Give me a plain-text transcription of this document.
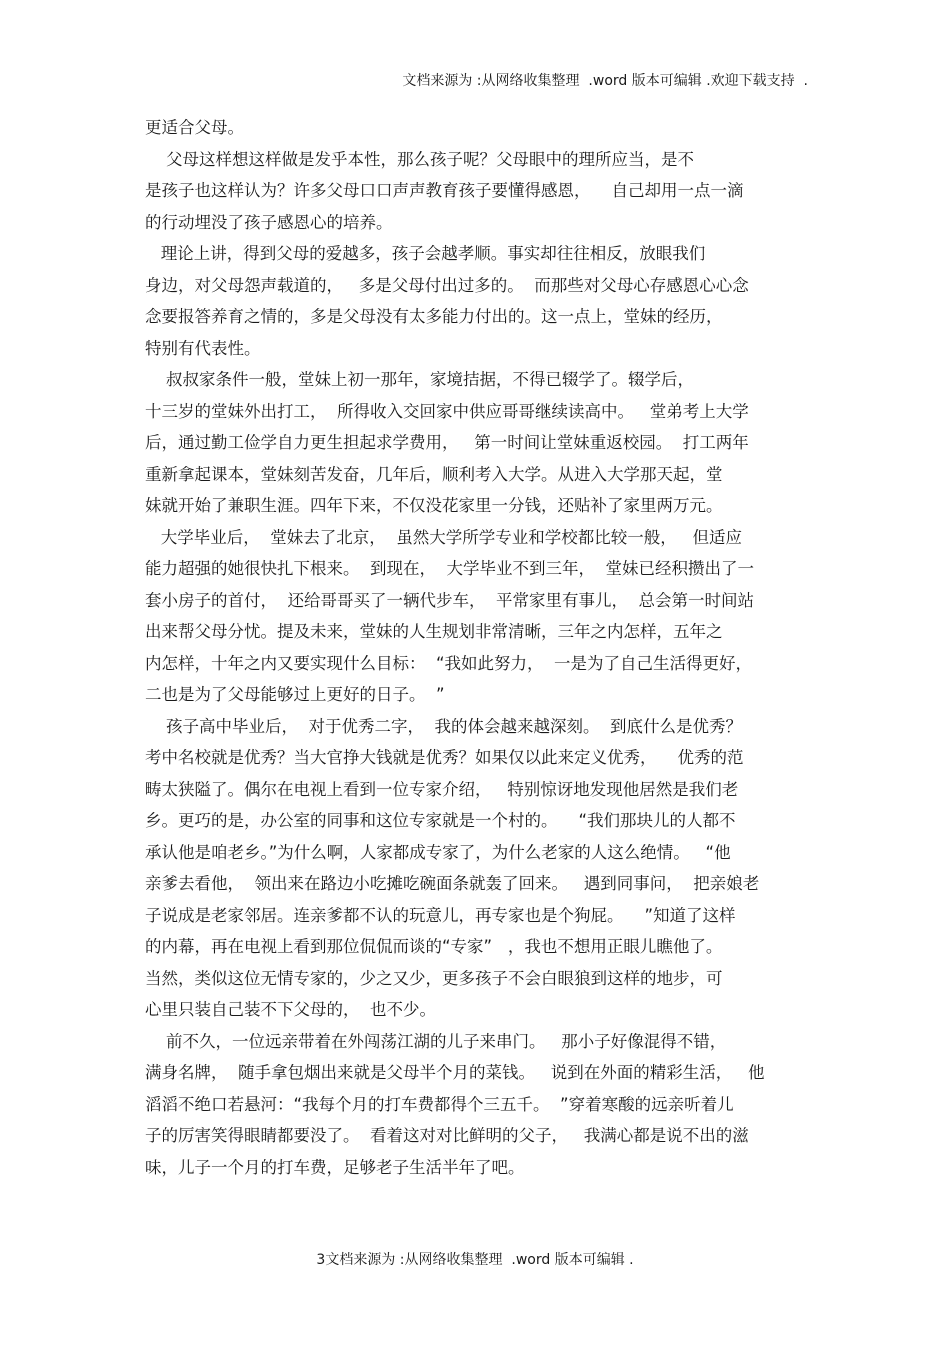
文档来源为 :从网络收集整理  .word 版本可编辑 .欢迎下载支持  .
更适合父母。
父母这样想这样做是发乎本性，那么孩子呢？父母眼中的理所应当，是不
是孩子也这样认为？许多父母口口声声教育孩子要懂得感恩，    自己却用一点一滴
的行动埋没了孩子感恩心的培养。
理论上讲，得到父母的爱越多，孩子会越孝顺。事实却往往相反，放眼我们
身边，对父母怨声载道的，   多是父母付出过多的。  而那些对父母心存感恩心心念
念要报答养育之情的，多是父母没有太多能力付出的。这一点上，堂妹的经历，
特别有代表性。
叔叔家条件一般，堂妹上初一那年，家境拮据，不得已辍学了。辍学后，
十三岁的堂妹外出打工，  所得收入交回家中供应哥哥继续读高中。   堂弟考上大学
后，通过勤工俭学自力更生担起求学费用，   第一时间让堂妹重返校园。  打工两年
重新拿起课本，堂妹刻苦发奋，几年后，顺利考入大学。从进入大学那天起，堂
妹就开始了兼职生涯。四年下来，不仅没花家里一分钱，还贴补了家里两万元。
大学毕业后，  堂妹去了北京，  虽然大学所学专业和学校都比较一般，   但适应
能力超强的她很快扎下根来。  到现在，  大学毕业不到三年，  堂妹已经积攒出了一
套小房子的首付，  还给哥哥买了一辆代步车，  平常家里有事儿，  总会第一时间站
出来帮父母分忧。提及未来，堂妹的人生规划非常清晰，三年之内怎样，五年之
内怎样，十年之内又要实现什么目标：  “我如此努力，  一是为了自己生活得更好，
二也是为了父母能够过上更好的日子。  ”
孩子高中毕业后，  对于优秀二字，  我的体会越来越深刻。  到底什么是优秀？
考中名校就是优秀？当大官挣大钱就是优秀？如果仅以此来定义优秀，    优秀的范
畴太狭隘了。偶尔在电视上看到一位专家介绍，   特别惊讶地发现他居然是我们老
乡。更巧的是，办公室的同事和这位专家就是一个村的。    “我们那块儿的人都不
承认他是咱老乡。”为什么啊，人家都成专家了，为什么老家的人这么绝情。   “他
亲爹去看他，  领出来在路边小吃摊吃碗面条就轰了回来。   遇到同事问，  把亲娘老
子说成是老家邻居。连亲爹都不认的玩意儿，再专家也是个狗屁。    ”知道了这样
的内幕，再在电视上看到那位侃侃而谈的“专家”   ，我也不想用正眼儿瞧他了。
当然，类似这位无情专家的，少之又少，更多孩子不会白眼狼到这样的地步，可
心里只装自己装不下父母的，  也不少。
前不久，一位远亲带着在外闯荡江湖的儿子来串门。   那小子好像混得不错，
满身名牌，  随手拿包烟出来就是父母半个月的菜钱。   说到在外面的精彩生活，   他
滔滔不绝口若悬河：“我每个月的打车费都得个三五千。  ”穿着寒酸的远亲听着儿
子的厉害笑得眼睛都要没了。  看着这对对比鲜明的父子，   我满心都是说不出的滋
味，儿子一个月的打车费，足够老子生活半年了吧。
3文档来源为 :从网络收集整理  .word 版本可编辑 .
